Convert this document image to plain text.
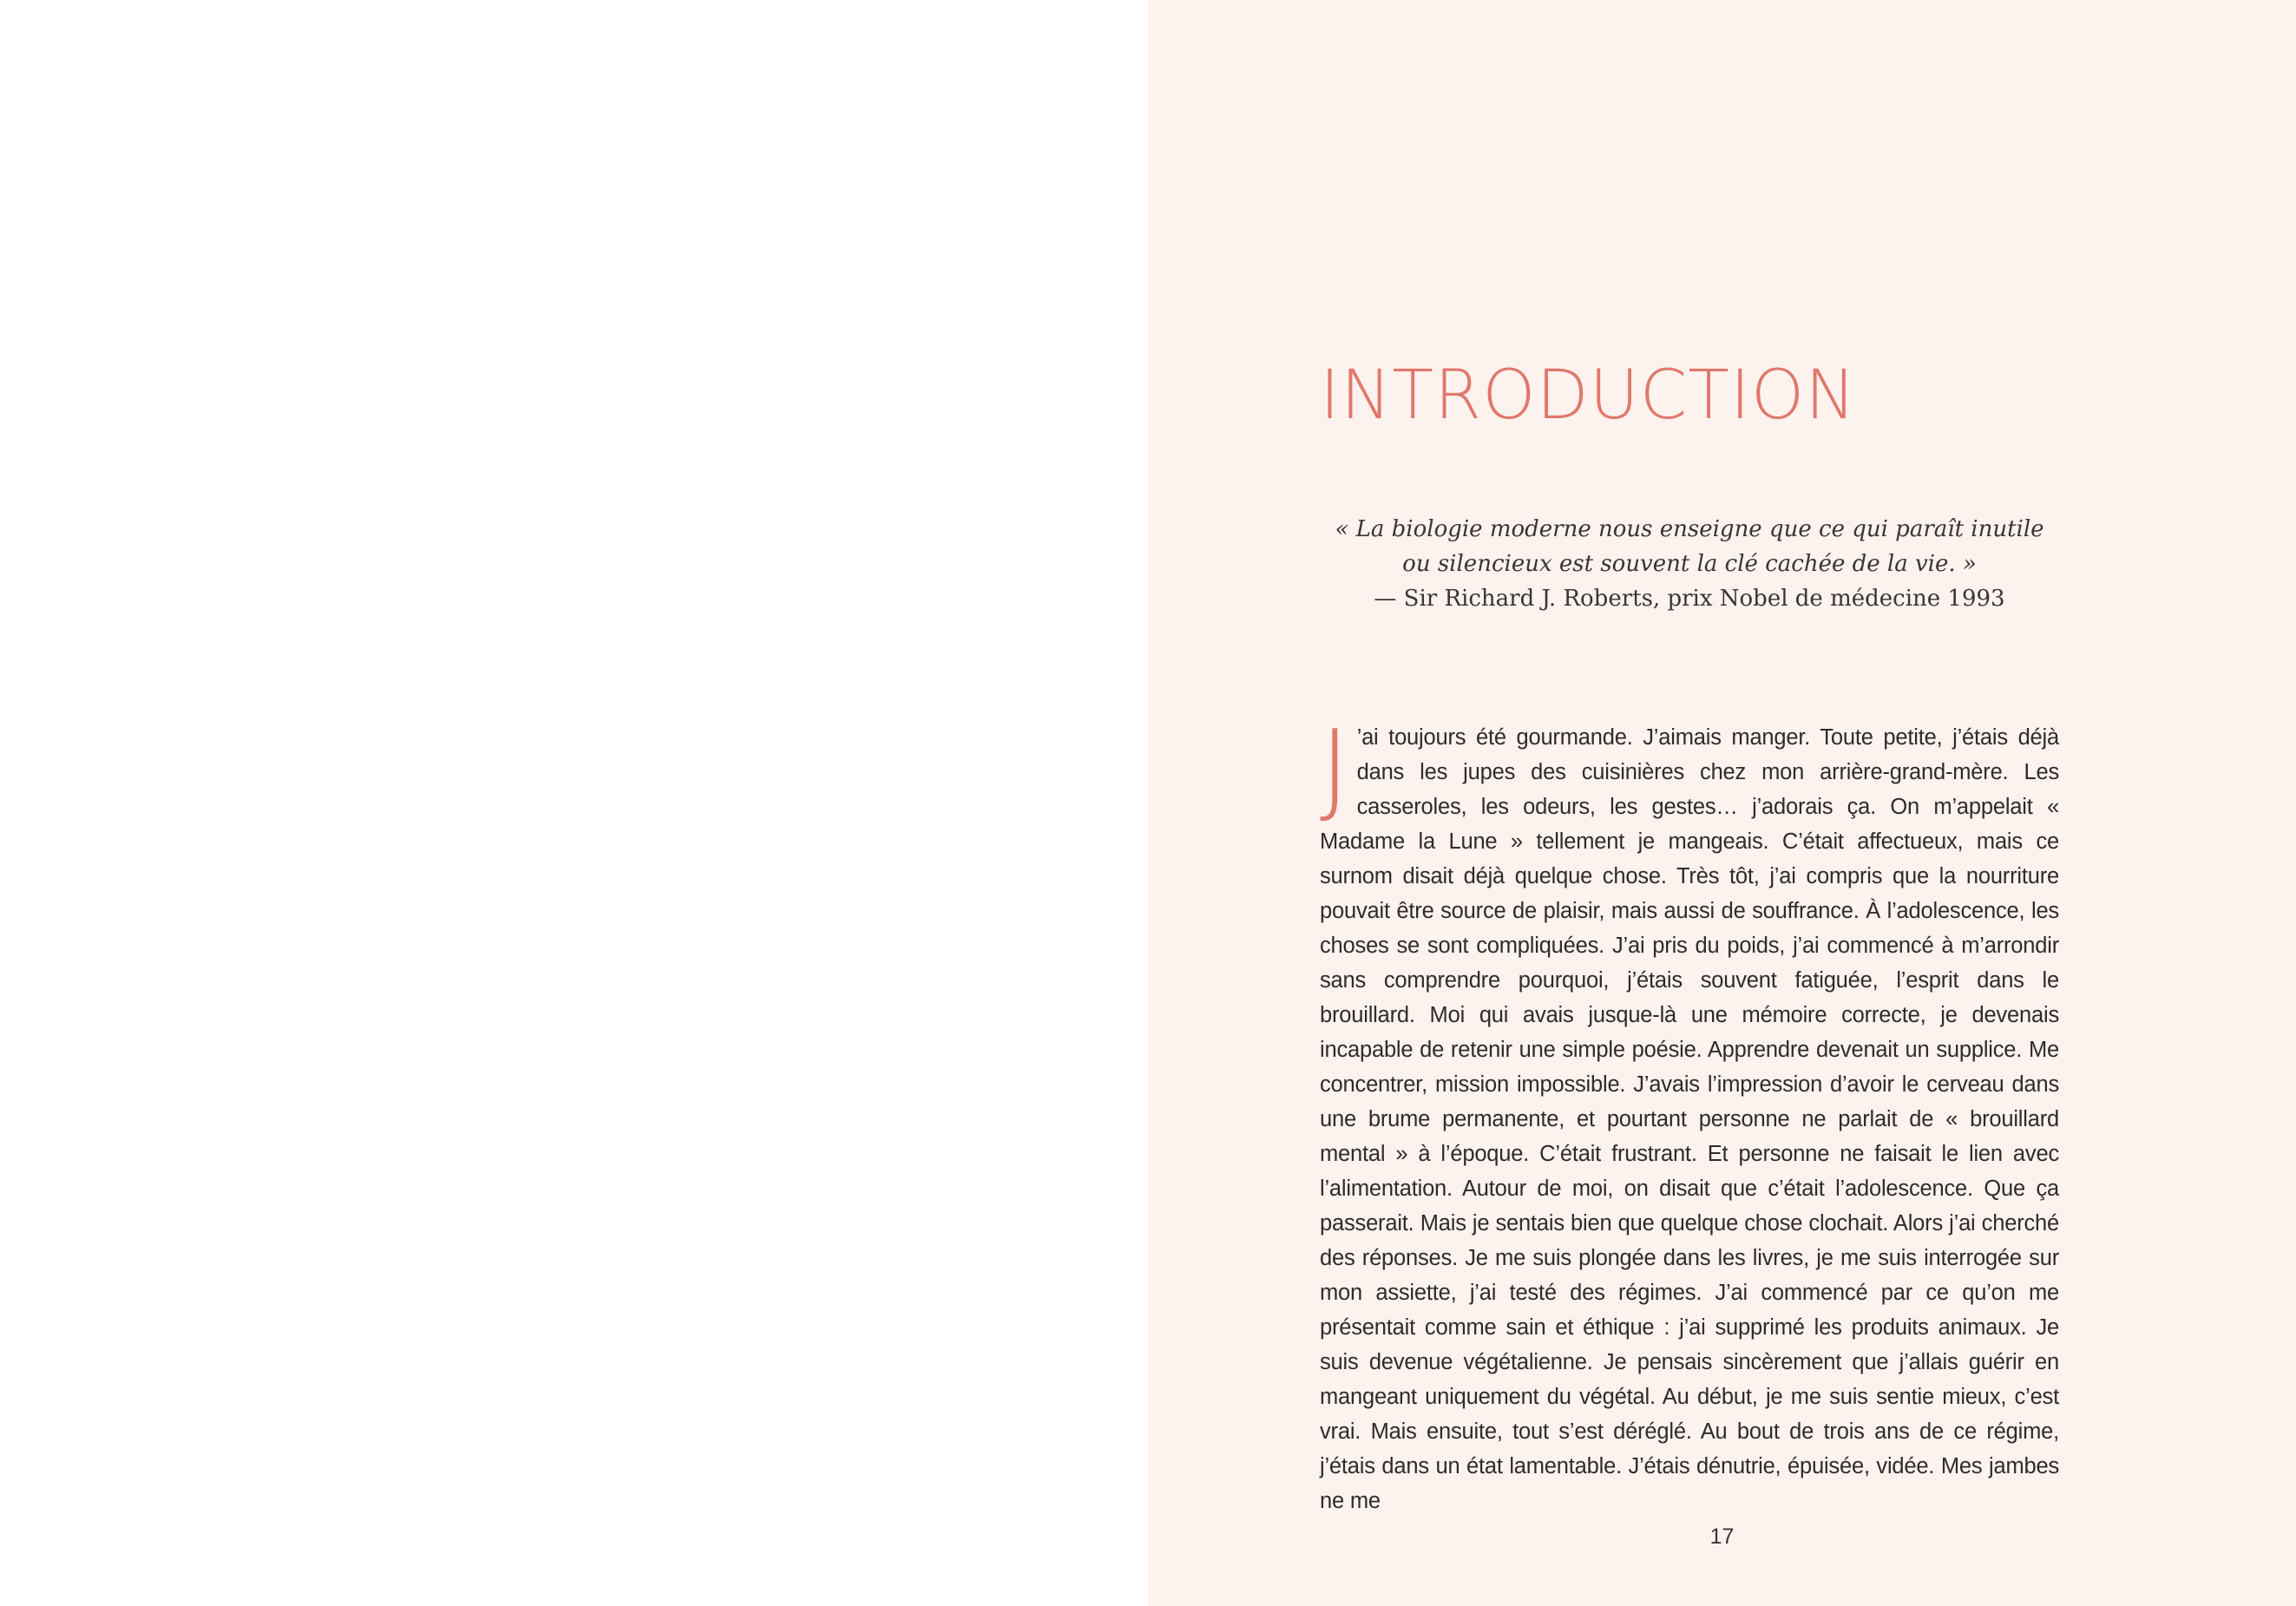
INTRODUCTION

« La biologie moderne nous enseigne que ce qui paraît inutile ou silencieux est souvent la clé cachée de la vie. »

— Sir Richard J. Roberts, prix Nobel de médecine 1993

J ’ai toujours été gourmande. J’aimais manger. Toute petite, j’étais déjà dans les jupes des cuisinières chez mon arrière-grand-mère. Les casseroles, les odeurs, les gestes… j’adorais ça. On m’appelait « Madame la Lune » tellement je mangeais. C’était affectueux, mais ce surnom disait déjà quelque chose. Très tôt, j’ai compris que la nourriture pouvait être source de plaisir, mais aussi de souffrance. À l’adolescence, les choses se sont compliquées. J’ai pris du poids, j’ai commencé à m’arrondir sans comprendre pourquoi, j’étais souvent fatiguée, l’esprit dans le brouillard. Moi qui avais jusque-là une mémoire correcte, je devenais incapable de retenir une simple poésie. Apprendre devenait un supplice. Me concentrer, mission impossible. J’avais l’impression d’avoir le cerveau dans une brume permanente, et pourtant personne ne parlait de « brouillard mental » à l’époque. C’était frustrant. Et personne ne faisait le lien avec l’alimentation. Autour de moi, on disait que c’était l’adolescence. Que ça passerait. Mais je sentais bien que quelque chose clochait. Alors j’ai cherché des réponses. Je me suis plongée dans les livres, je me suis interrogée sur mon assiette, j’ai testé des régimes. J’ai commencé par ce qu’on me présentait comme sain et éthique : j’ai supprimé les produits animaux. Je suis devenue végétalienne. Je pensais sincèrement que j’allais guérir en mangeant uniquement du végétal. Au début, je me suis sentie mieux, c’est vrai. Mais ensuite, tout s’est déréglé. Au bout de trois ans de ce régime, j’étais dans un état lamentable. J’étais dénutrie, épuisée, vidée. Mes jambes ne me

17
